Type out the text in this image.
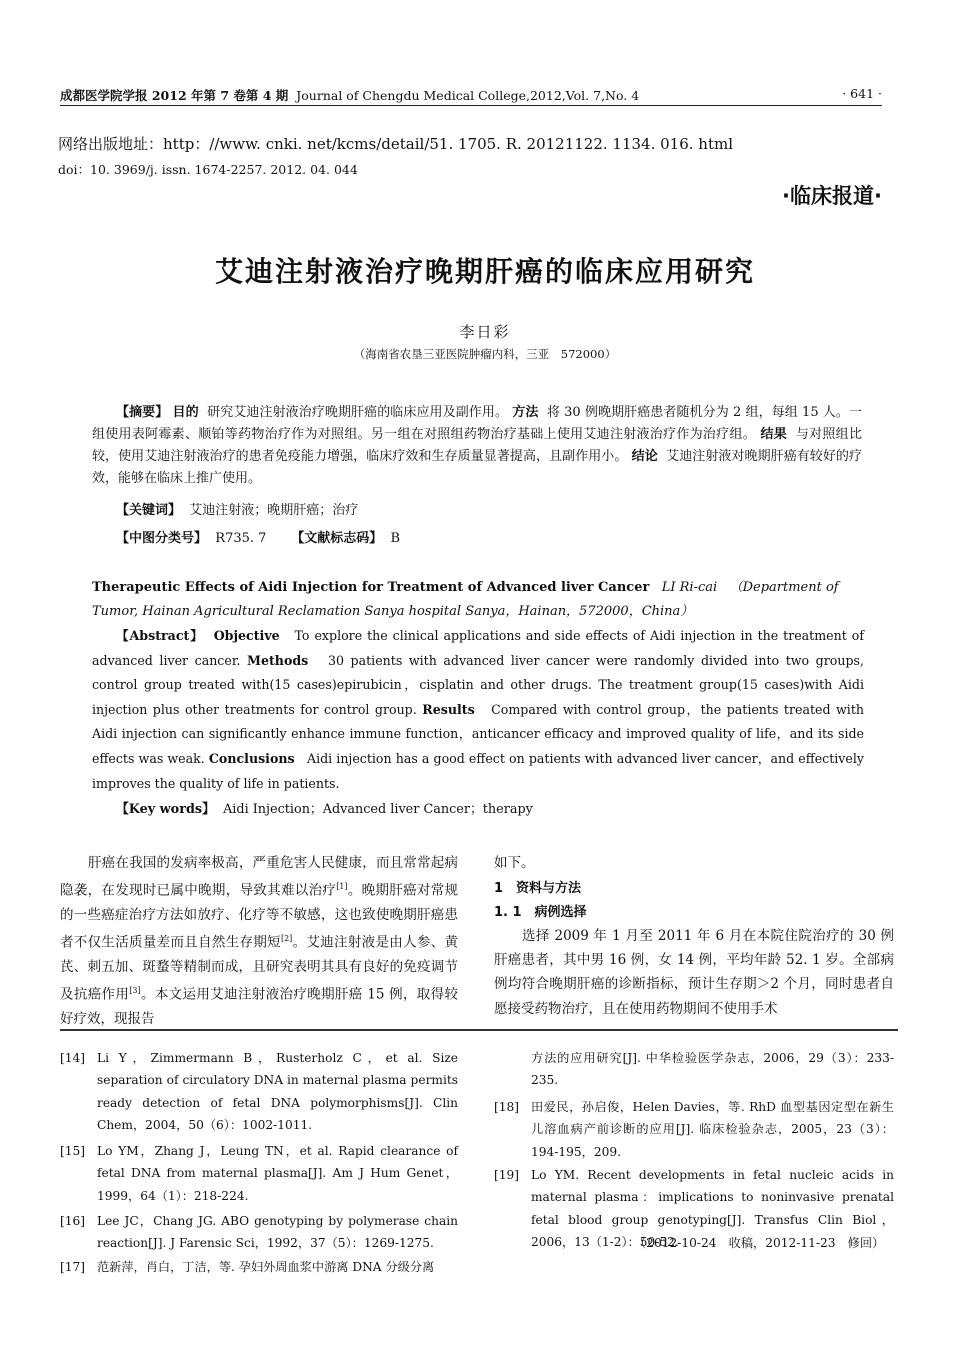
成都医学院学报 2012 年第 7 卷第 4 期 Journal of Chengdu Medical College,2012,Vol. 7,No. 4	· 641 ·
网络出版地址：http：//www. cnki. net/kcms/detail/51. 1705. R. 20121122. 1134. 016. html
doi：10. 3969/j. issn. 1674-2257. 2012. 04. 044
·临床报道·
艾迪注射液治疗晚期肝癌的临床应用研究
李日彩
（海南省农垦三亚医院肿瘤内科，三亚　572000）
【摘要】 目的 研究艾迪注射液治疗晚期肝癌的临床应用及副作用。 方法 将 30 例晚期肝癌患者随机分为 2 组，每组 15 人。一组使用表阿霉素、顺铂等药物治疗作为对照组。另一组在对照组药物治疗基础上使用艾迪注射液治疗作为治疗组。 结果 与对照组比较，使用艾迪注射液治疗的患者免疫能力增强，临床疗效和生存质量显著提高，且副作用小。 结论 艾迪注射液对晚期肝癌有较好的疗效，能够在临床上推广使用。
【关键词】 艾迪注射液；晚期肝癌；治疗
【中图分类号】 R735. 7 【文献标志码】 B
Therapeutic Effects of Aidi Injection for Treatment of Advanced liver Cancer LI Ri-cai （Department of Tumor, Hainan Agricultural Reclamation Sanya hospital Sanya，Hainan，572000，China）
【Abstract】 Objective To explore the clinical applications and side effects of Aidi injection in the treatment of advanced liver cancer. Methods 30 patients with advanced liver cancer were randomly divided into two groups, control group treated with(15 cases)epirubicin，cisplatin and other drugs. The treatment group(15 cases)with Aidi injection plus other treatments for control group. Results Compared with control group，the patients treated with Aidi injection can significantly enhance immune function，anticancer efficacy and improved quality of life，and its side effects was weak. Conclusions Aidi injection has a good effect on patients with advanced liver cancer，and effectively improves the quality of life in patients.
【Key words】 Aidi Injection；Advanced liver Cancer；therapy
肝癌在我国的发病率极高，严重危害人民健康，而且常常起病隐袭，在发现时已属中晚期，导致其难以治疗[1]。晚期肝癌对常规的一些癌症治疗方法如放疗、化疗等不敏感，这也致使晚期肝癌患者不仅生活质量差而且自然生存期短[2]。艾迪注射液是由人参、黄芪、刺五加、斑蝥等精制而成，且研究表明其具有良好的免疫调节及抗癌作用[3]。本文运用艾迪注射液治疗晚期肝癌 15 例，取得较好疗效，现报告
如下。
1　资料与方法
1. 1　病例选择
选择 2009 年 1 月至 2011 年 6 月在本院住院治疗的 30 例肝癌患者，其中男 16 例，女 14 例，平均年龄 52. 1 岁。全部病例均符合晚期肝癌的诊断指标，预计生存期＞2 个月，同时患者自愿接受药物治疗，且在使用药物期间不使用手术
[14] Li Y，Zimmermann B，Rusterholz C，et al. Size separation of circulatory DNA in maternal plasma permits ready detection of fetal DNA polymorphisms[J]. Clin Chem，2004，50（6）：1002-1011.
[15] Lo YM，Zhang J，Leung TN，et al. Rapid clearance of fetal DNA from maternal plasma[J]. Am J Hum Genet，1999，64（1）：218-224.
[16] Lee JC，Chang JG. ABO genotyping by polymerase chain reaction[J]. J Farensic Sci，1992，37（5）：1269-1275.
[17] 范新萍，肖白，丁洁，等. 孕妇外周血浆中游离 DNA 分级分离
方法的应用研究[J]. 中华检验医学杂志，2006，29（3）：233-235.
[18] 田爱民，孙启俊，Helen Davies，等. RhD 血型基因定型在新生儿溶血病产前诊断的应用[J]. 临床检验杂志，2005，23（3）：194-195，209.
[19] Lo YM. Recent developments in fetal nucleic acids in maternal plasma：implications to noninvasive prenatal fetal blood group genotyping[J]. Transfus Clin Biol，2006，13（1-2）：50-52.
（2012-10-24　收稿，2012-11-23　修回）
